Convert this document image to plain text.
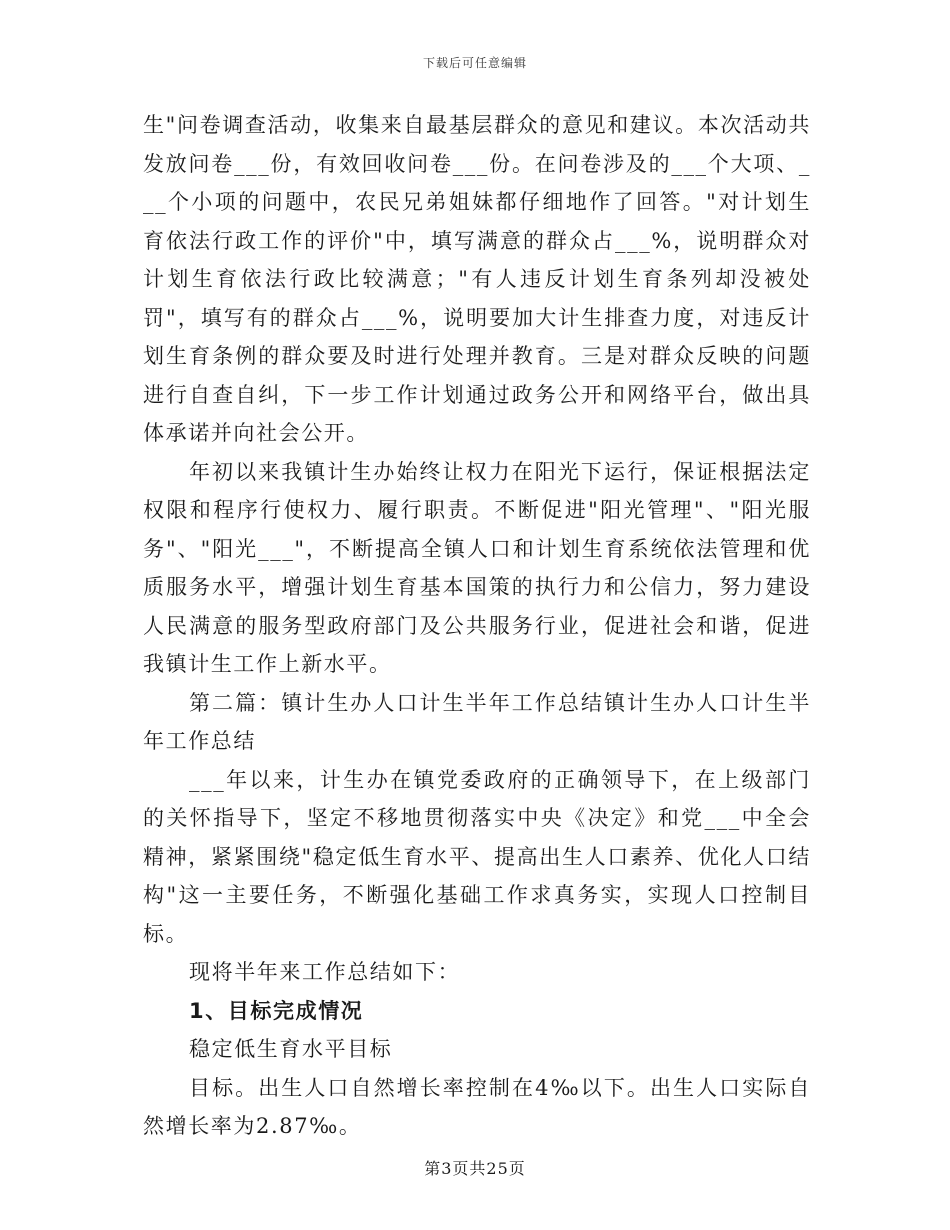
下载后可任意编辑

生"问卷调查活动，收集来自最基层群众的意见和建议。本次活动共发放问卷___份，有效回收问卷___份。在问卷涉及的___个大项、___个小项的问题中，农民兄弟姐妹都仔细地作了回答。"对计划生育依法行政工作的评价"中，填写满意的群众占___%，说明群众对计划生育依法行政比较满意；"有人违反计划生育条列却没被处罚"，填写有的群众占___%，说明要加大计生排查力度，对违反计划生育条例的群众要及时进行处理并教育。三是对群众反映的问题进行自查自纠，下一步工作计划通过政务公开和网络平台，做出具体承诺并向社会公开。

年初以来我镇计生办始终让权力在阳光下运行，保证根据法定权限和程序行使权力、履行职责。不断促进"阳光管理"、"阳光服务"、"阳光___"，不断提高全镇人口和计划生育系统依法管理和优质服务水平，增强计划生育基本国策的执行力和公信力，努力建设人民满意的服务型政府部门及公共服务行业，促进社会和谐，促进我镇计生工作上新水平。

第二篇：镇计生办人口计生半年工作总结镇计生办人口计生半年工作总结

___年以来，计生办在镇党委政府的正确领导下，在上级部门的关怀指导下，坚定不移地贯彻落实中央《决定》和党___中全会精神，紧紧围绕"稳定低生育水平、提高出生人口素养、优化人口结构"这一主要任务，不断强化基础工作求真务实，实现人口控制目标。

现将半年来工作总结如下：

1、目标完成情况

稳定低生育水平目标

目标。出生人口自然增长率控制在4‰以下。出生人口实际自然增长率为2.87‰。

第3页共25页
